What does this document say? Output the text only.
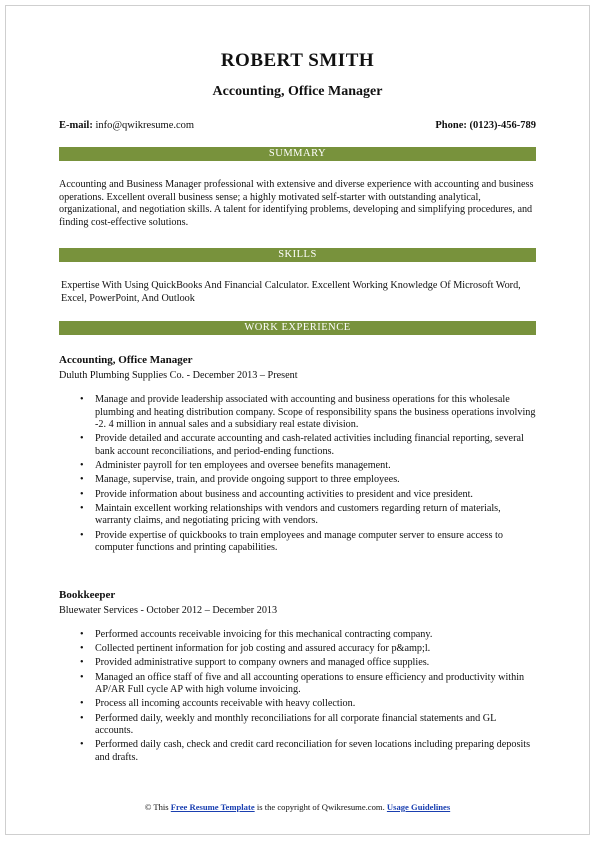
ROBERT SMITH
Accounting, Office Manager
E-mail: info@qwikresume.com	Phone: (0123)-456-789
SUMMARY
Accounting and Business Manager professional with extensive and diverse experience with accounting and business operations. Excellent overall business sense; a highly motivated self-starter with outstanding analytical, organizational, and negotiation skills. A talent for identifying problems, developing and simplifying procedures, and finding cost-effective solutions.
SKILLS
Expertise With Using QuickBooks And Financial Calculator. Excellent Working Knowledge Of Microsoft Word, Excel, PowerPoint, And Outlook
WORK EXPERIENCE
Accounting, Office Manager
Duluth Plumbing Supplies Co. - December 2013 – Present
• Manage and provide leadership associated with accounting and business operations for this wholesale plumbing and heating distribution company. Scope of responsibility spans the business operations involving -2. 4 million in annual sales and a subsidiary real estate division.
• Provide detailed and accurate accounting and cash-related activities including financial reporting, several bank account reconciliations, and period-ending functions.
• Administer payroll for ten employees and oversee benefits management.
• Manage, supervise, train, and provide ongoing support to three employees.
• Provide information about business and accounting activities to president and vice president.
• Maintain excellent working relationships with vendors and customers regarding return of materials, warranty claims, and negotiating pricing with vendors.
• Provide expertise of quickbooks to train employees and manage computer server to ensure access to computer functions and printing capabilities.
Bookkeeper
Bluewater Services - October 2012 – December 2013
• Performed accounts receivable invoicing for this mechanical contracting company.
• Collected pertinent information for job costing and assured accuracy for p&amp;l.
• Provided administrative support to company owners and managed office supplies.
• Managed an office staff of five and all accounting operations to ensure efficiency and productivity within AP/AR Full cycle AP with high volume invoicing.
• Process all incoming accounts receivable with heavy collection.
• Performed daily, weekly and monthly reconciliations for all corporate financial statements and GL accounts.
• Performed daily cash, check and credit card reconciliation for seven locations including preparing deposits and drafts.
© This Free Resume Template is the copyright of Qwikresume.com. Usage Guidelines
